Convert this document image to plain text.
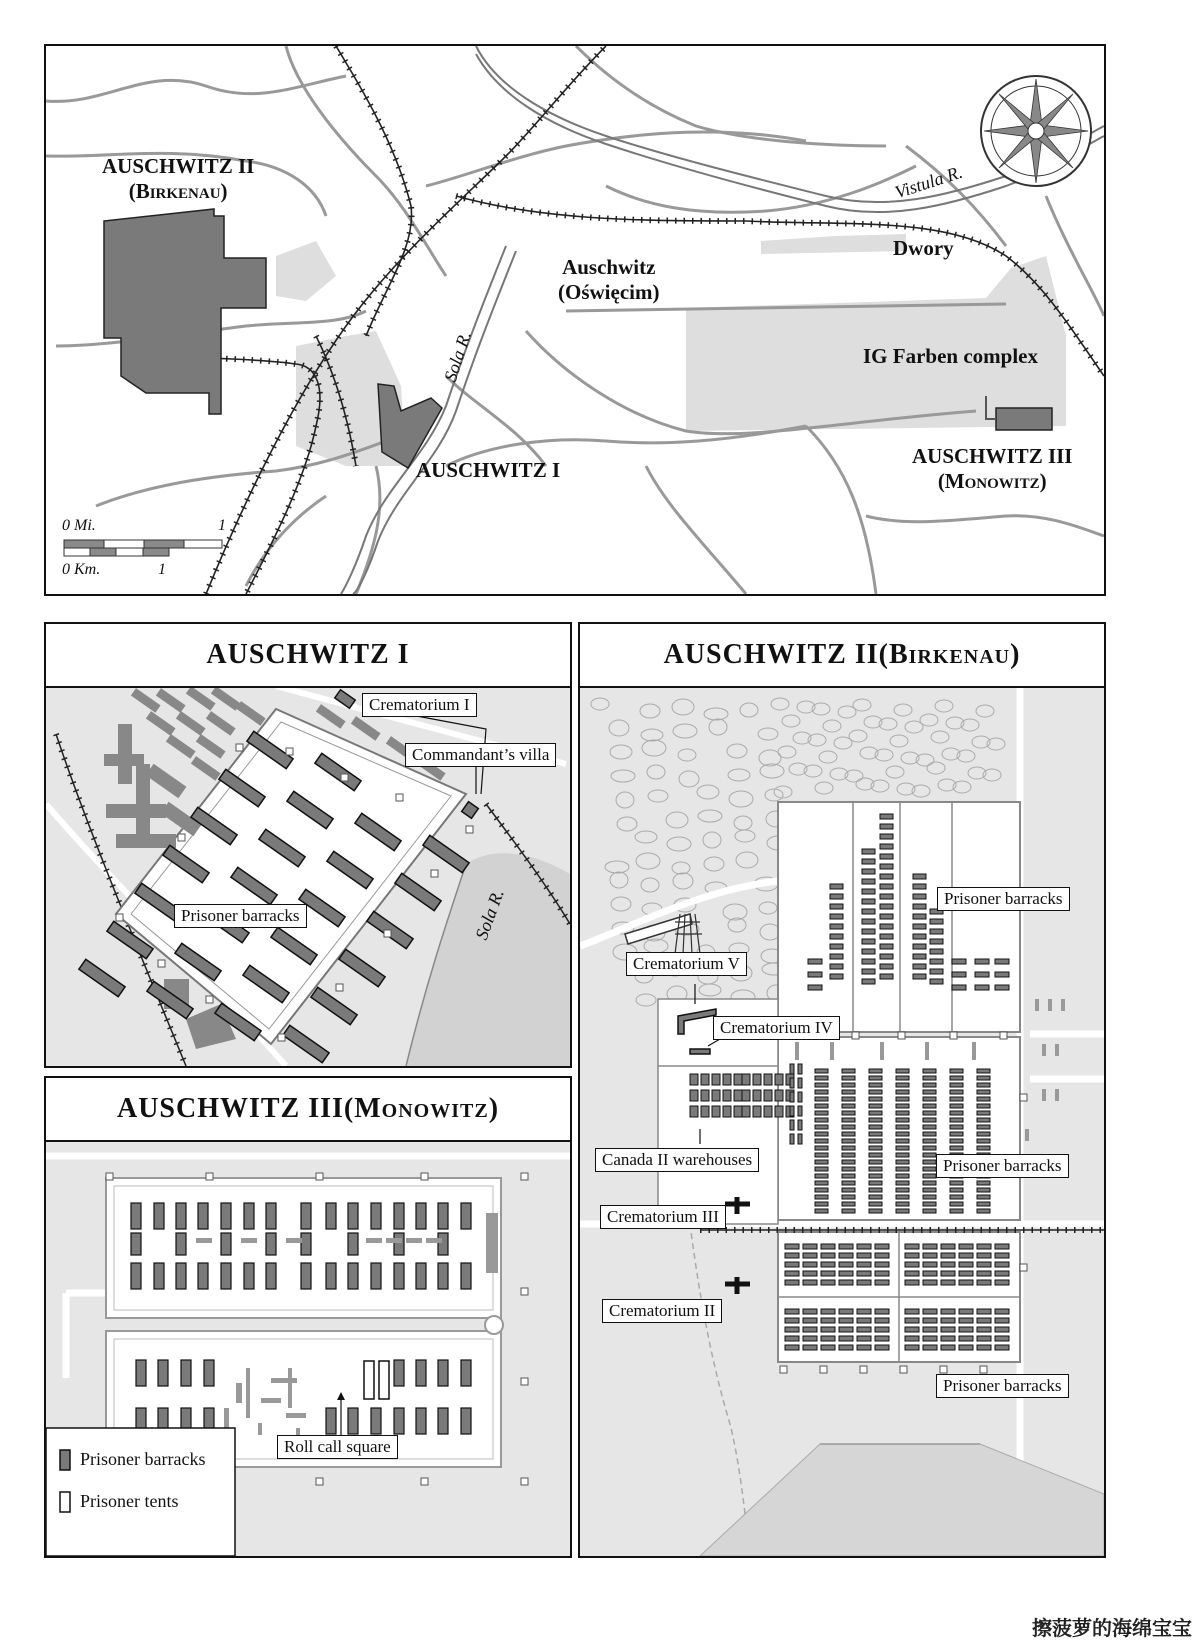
AUSCHWITZ II
(Birkenau)
Auschwitz
(Oświęcim)
Dwory
IG Farben complex
AUSCHWITZ I
AUSCHWITZ III
(Monowitz)
Vistula R.
Sola R.
0 Mi.	1
0 Km.	1
AUSCHWITZ I
Crematorium I
Commandant’s villa
Prisoner barracks	Sola R.
AUSCHWITZ III (Monowitz)
Roll call square
Prisoner barracks
Prisoner tents
AUSCHWITZ II (Birkenau)
Prisoner barracks
Crematorium V
Crematorium IV
Canada II warehouses	Prisoner barracks
Crematorium III
Crematorium II
Prisoner barracks
擦菠萝的海绵宝宝
